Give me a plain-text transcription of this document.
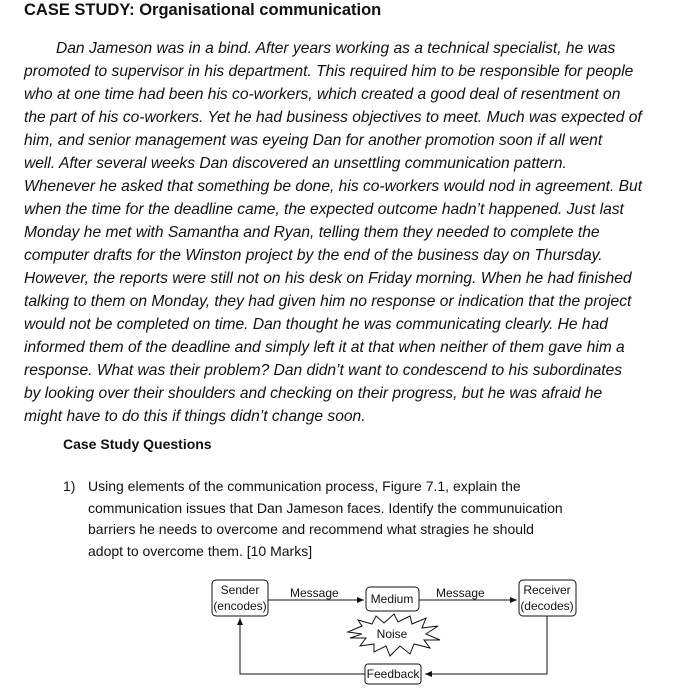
CASE STUDY: Organisational communication
Dan Jameson was in a bind. After years working as a technical specialist, he was
promoted to supervisor in his department. This required him to be responsible for people
who at one time had been his co-workers, which created a good deal of resentment on
the part of his co-workers. Yet he had business objectives to meet. Much was expected of
him, and senior management was eyeing Dan for another promotion soon if all went
well. After several weeks Dan discovered an unsettling communication pattern.
Whenever he asked that something be done, his co-workers would nod in agreement. But
when the time for the deadline came, the expected outcome hadn’t happened. Just last
Monday he met with Samantha and Ryan, telling them they needed to complete the
computer drafts for the Winston project by the end of the business day on Thursday.
However, the reports were still not on his desk on Friday morning. When he had finished
talking to them on Monday, they had given him no response or indication that the project
would not be completed on time. Dan thought he was communicating clearly. He had
informed them of the deadline and simply left it at that when neither of them gave him a
response. What was their problem? Dan didn’t want to condescend to his subordinates
by looking over their shoulders and checking on their progress, but he was afraid he
might have to do this if things didn’t change soon.
Case Study Questions
1) Using elements of the communication process, Figure 7.1, explain the
communication issues that Dan Jameson faces. Identify the communuication
barriers he needs to overcome and recommend what stragies he should
adopt to overcome them. [10 Marks]
Sender
(encodes)
Message	Medium Message	Receiver
(decodes)
Noise
Feedback
